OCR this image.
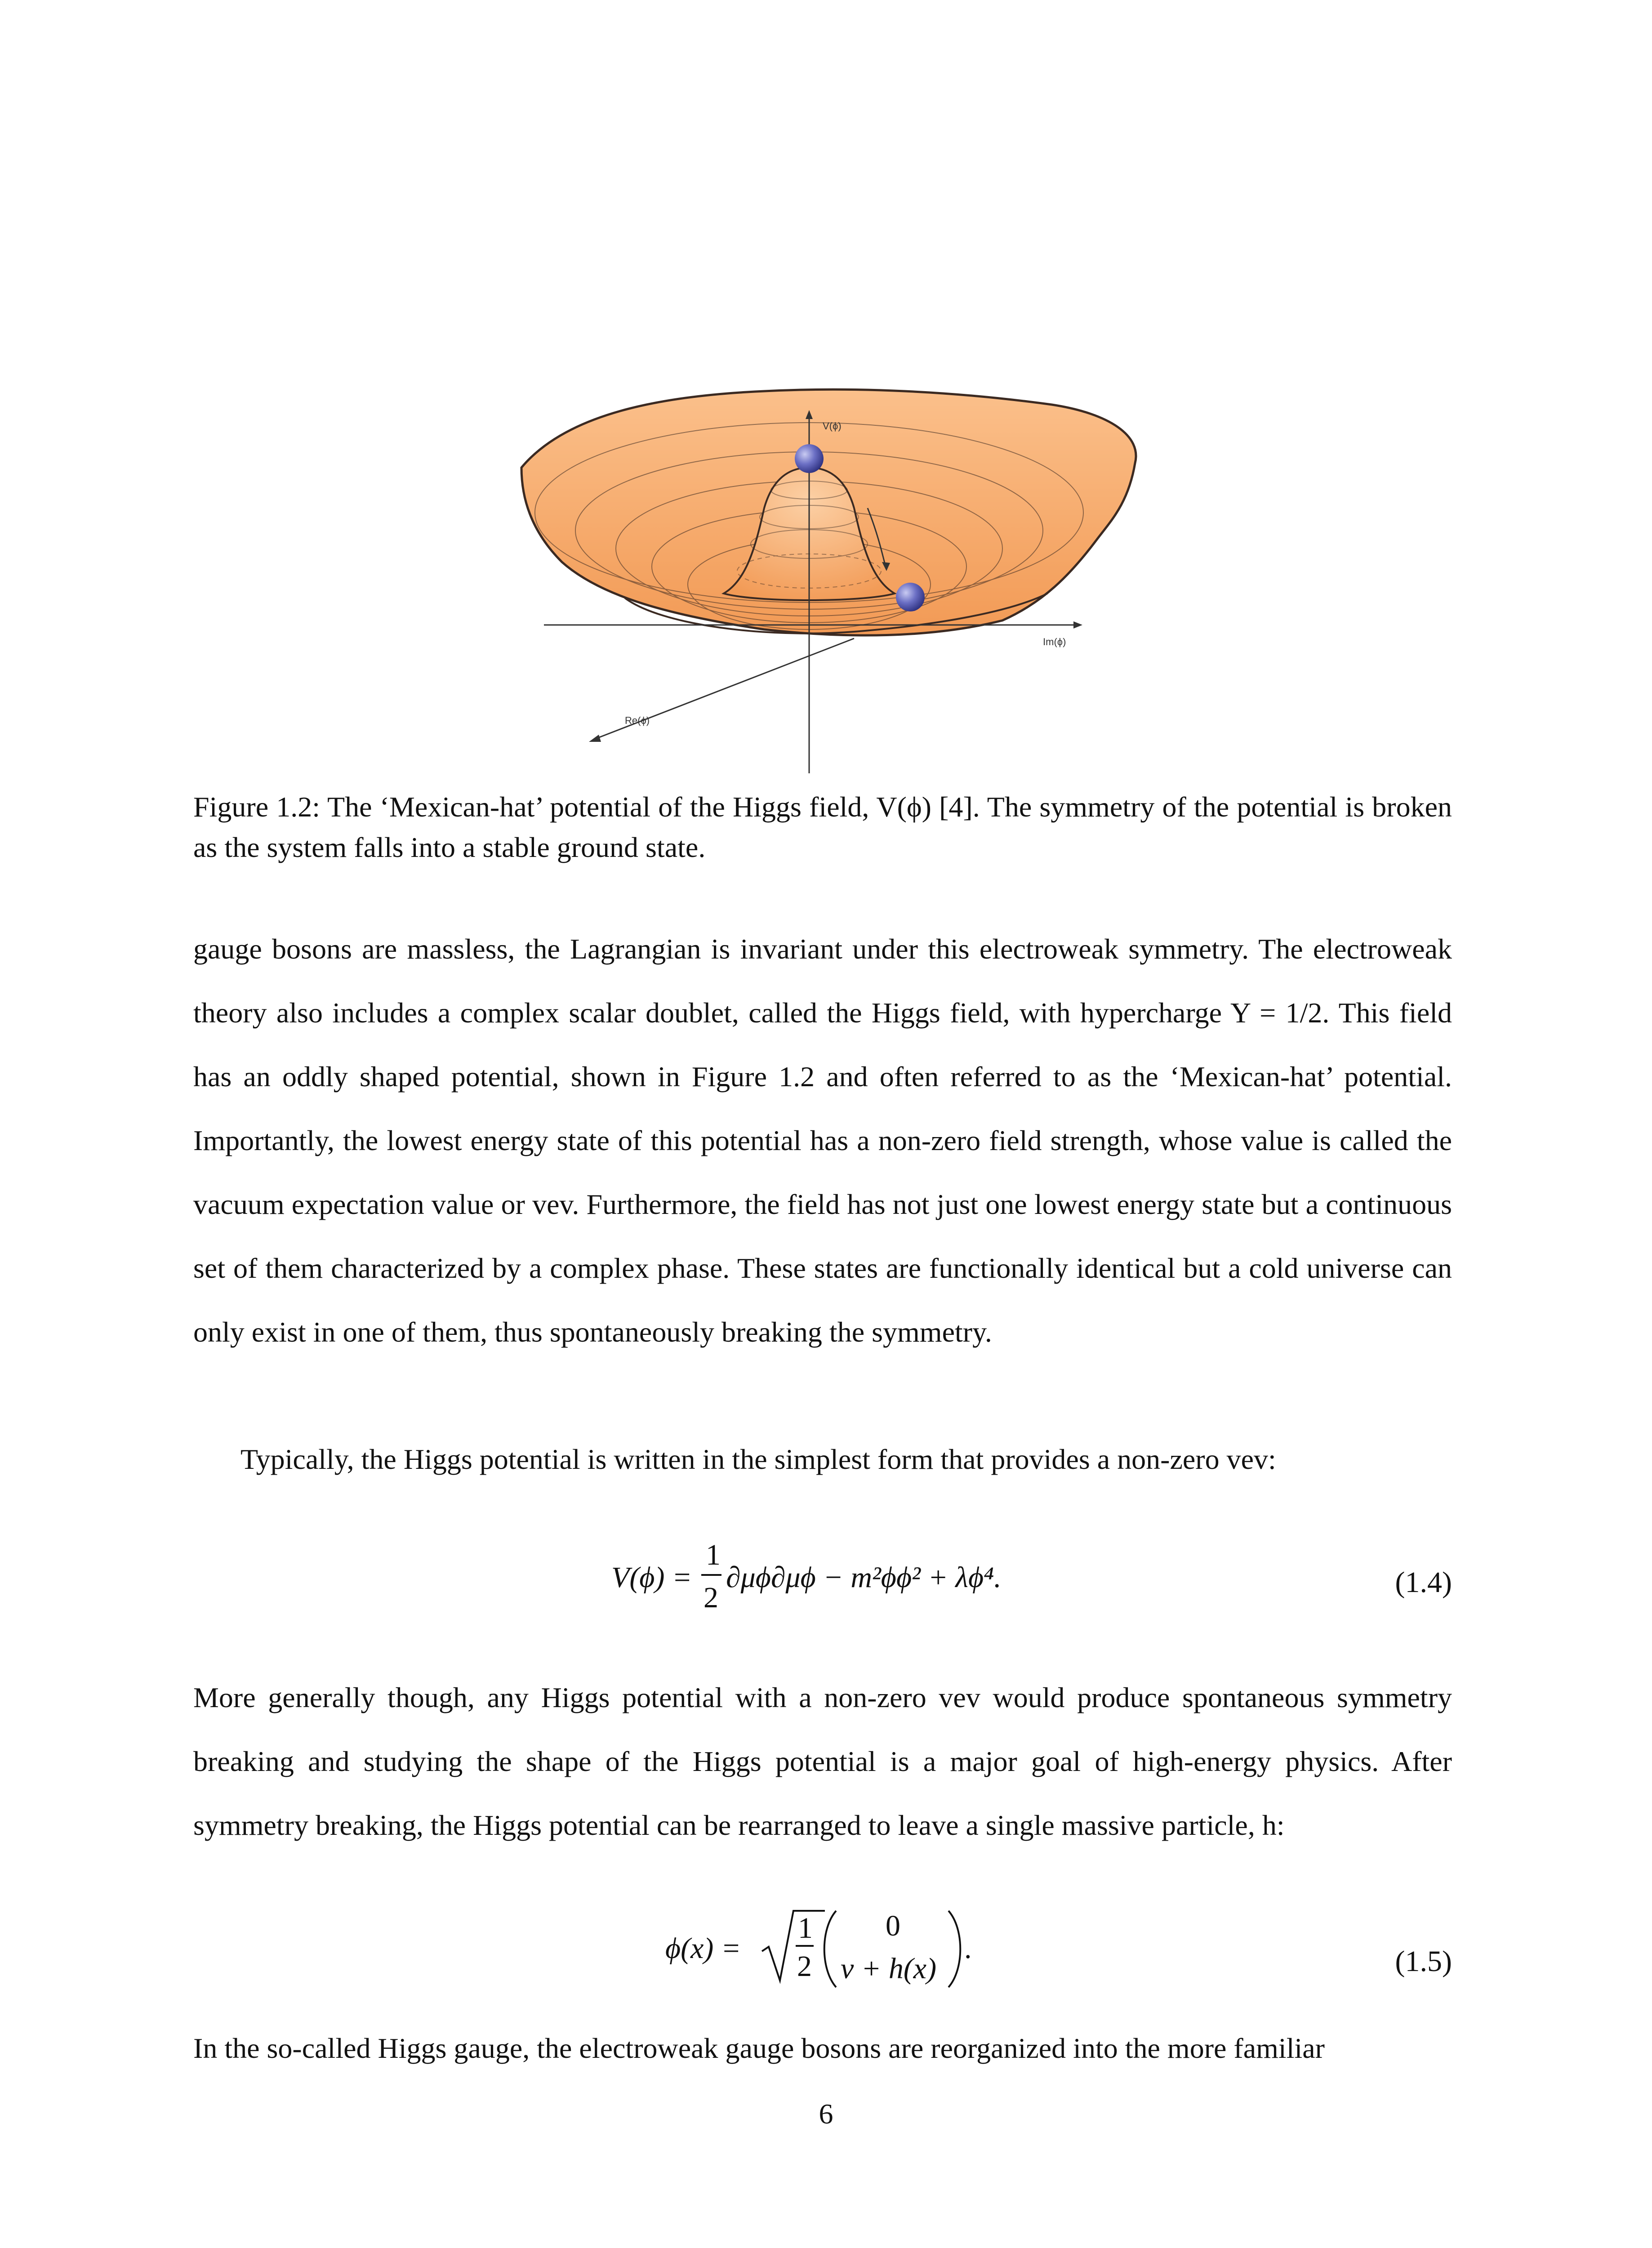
V(ϕ)
Im(ϕ)
Re(ϕ)
Figure 1.2: The ‘Mexican-hat’ potential of the Higgs field, V(ϕ) [4]. The symmetry of the potential is broken as the system falls into a stable ground state.
gauge bosons are massless, the Lagrangian is invariant under this electroweak symmetry. The electroweak theory also includes a complex scalar doublet, called the Higgs field, with hypercharge Y = 1/2. This field has an oddly shaped potential, shown in Figure 1.2 and often referred to as the ‘Mexican-hat’ potential. Importantly, the lowest energy state of this potential has a non-zero field strength, whose value is called the vacuum expectation value or vev. Furthermore, the field has not just one lowest energy state but a continuous set of them characterized by a complex phase. These states are functionally identical but a cold universe can only exist in one of them, thus spontaneously breaking the symmetry.
Typically, the Higgs potential is written in the simplest form that provides a non-zero vev:
V(ϕ) =
1
2
∂μϕ∂μϕ − m²ϕϕ² + λϕ⁴.	(1.4)
More generally though, any Higgs potential with a non-zero vev would produce spontaneous symmetry breaking and studying the shape of the Higgs potential is a major goal of high-energy physics. After symmetry breaking, the Higgs potential can be rearranged to leave a single massive particle, h:
ϕ(x) =
1
2
0
v + h(x)
.	(1.5)
In the so-called Higgs gauge, the electroweak gauge bosons are reorganized into the more familiar
6
